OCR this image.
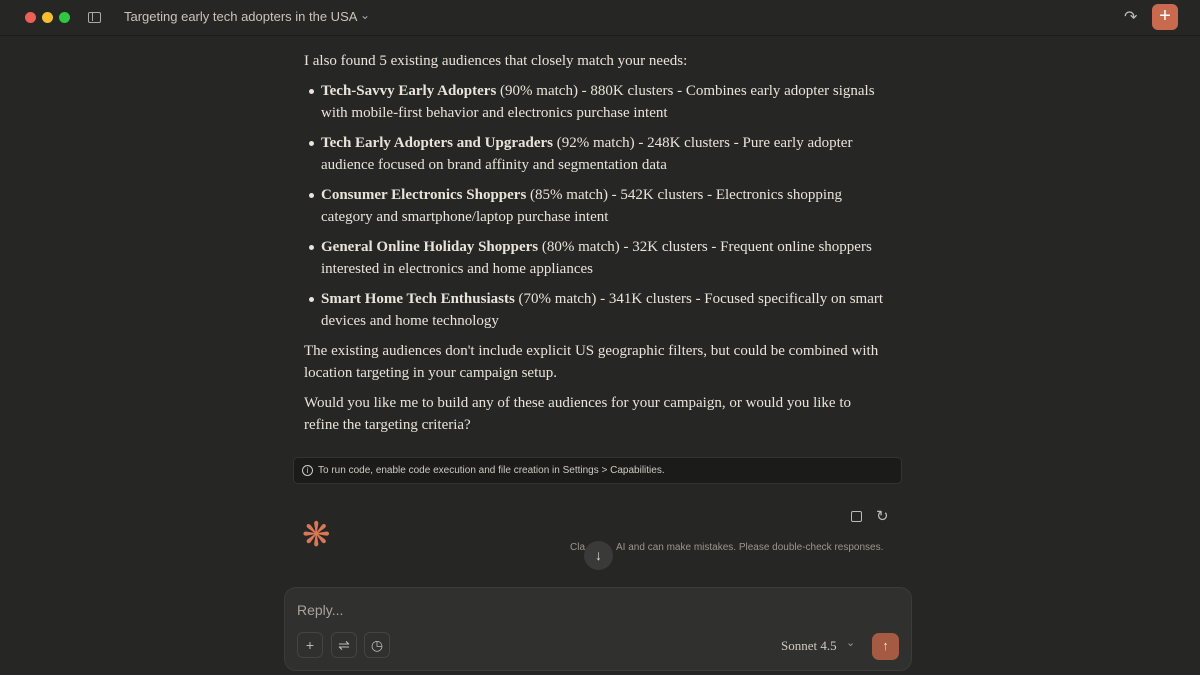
Targeting early tech adopters in the USA ⌄	↷	+

I also found 5 existing audiences that closely match your needs:

Tech-Savvy Early Adopters (90% match) - 880K clusters - Combines early adopter signals with mobile-first behavior and electronics purchase intent
Tech Early Adopters and Upgraders (92% match) - 248K clusters - Pure early adopter audience focused on brand affinity and segmentation data
Consumer Electronics Shoppers (85% match) - 542K clusters - Electronics shopping category and smartphone/laptop purchase intent
General Online Holiday Shoppers (80% match) - 32K clusters - Frequent online shoppers interested in electronics and home appliances
Smart Home Tech Enthusiasts (70% match) - 341K clusters - Focused specifically on smart devices and home technology

The existing audiences don't include explicit US geographic filters, but could be combined with location targeting in your campaign setup.

Would you like me to build any of these audiences for your campaign, or would you like to refine the targeting criteria?

i To run code, enable code execution and file creation in Settings > Capabilities.
↻
❋	Cla	AI and can make mistakes. Please double-check responses.
↓
Reply...
+	⇌	◷	Sonnet 4.5 ⌄	↑
